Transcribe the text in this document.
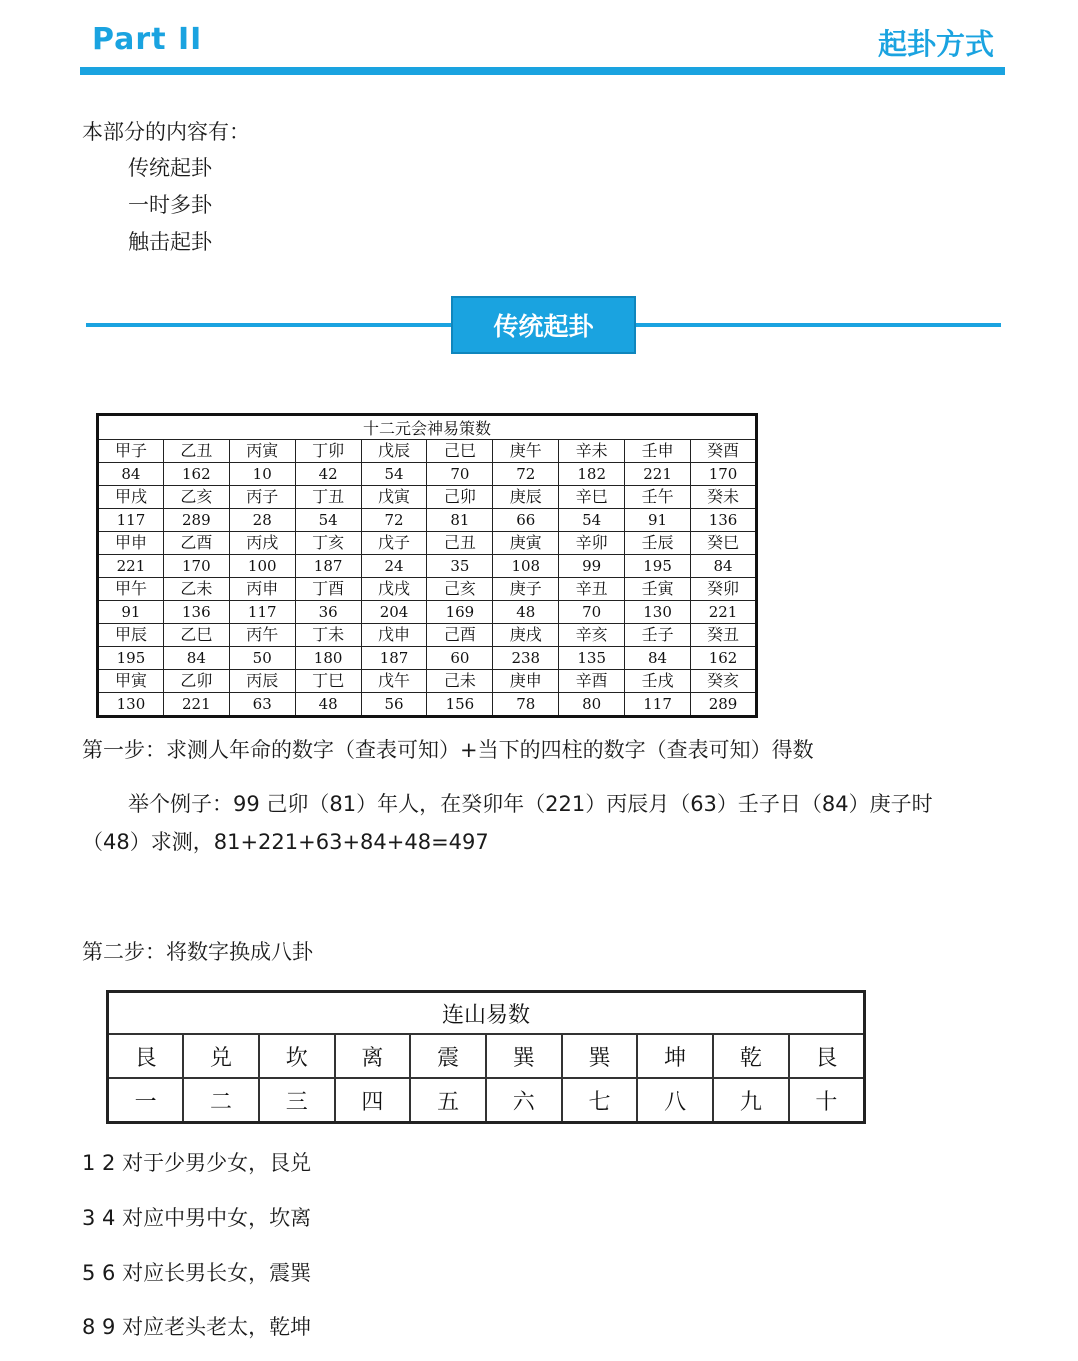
Part II	起卦方式
本部分的内容有：
传统起卦
一时多卦
触击起卦
传统起卦
十二元会神易策数									
甲子	乙丑	丙寅	丁卯	戊辰	己巳	庚午	辛未	壬申	癸酉
84	162	10	42	54	70	72	182	221	170
甲戌	乙亥	丙子	丁丑	戊寅	己卯	庚辰	辛巳	壬午	癸未
117	289	28	54	72	81	66	54	91	136
甲申	乙酉	丙戌	丁亥	戊子	己丑	庚寅	辛卯	壬辰	癸巳
221	170	100	187	24	35	108	99	195	84
甲午	乙未	丙申	丁酉	戊戌	己亥	庚子	辛丑	壬寅	癸卯
91	136	117	36	204	169	48	70	130	221
甲辰	乙巳	丙午	丁未	戊申	己酉	庚戌	辛亥	壬子	癸丑
195	84	50	180	187	60	238	135	84	162
甲寅	乙卯	丙辰	丁巳	戊午	己未	庚申	辛酉	壬戌	癸亥
130	221	63	48	56	156	78	80	117	289
第一步：求测人年命的数字（查表可知）+当下的四柱的数字（查表可知）得数
举个例子：99 己卯（81）年人，在癸卯年（221）丙辰月（63）壬子日（84）庚子时
（48）求测，81+221+63+84+48=497
第二步：将数字换成八卦
连山易数									
艮	兑	坎	离	震	巽	巽	坤	乾	艮
一	二	三	四	五	六	七	八	九	十
1 2 对于少男少女，艮兑
3 4 对应中男中女，坎离
5 6 对应长男长女，震巽
8 9 对应老头老太，乾坤
